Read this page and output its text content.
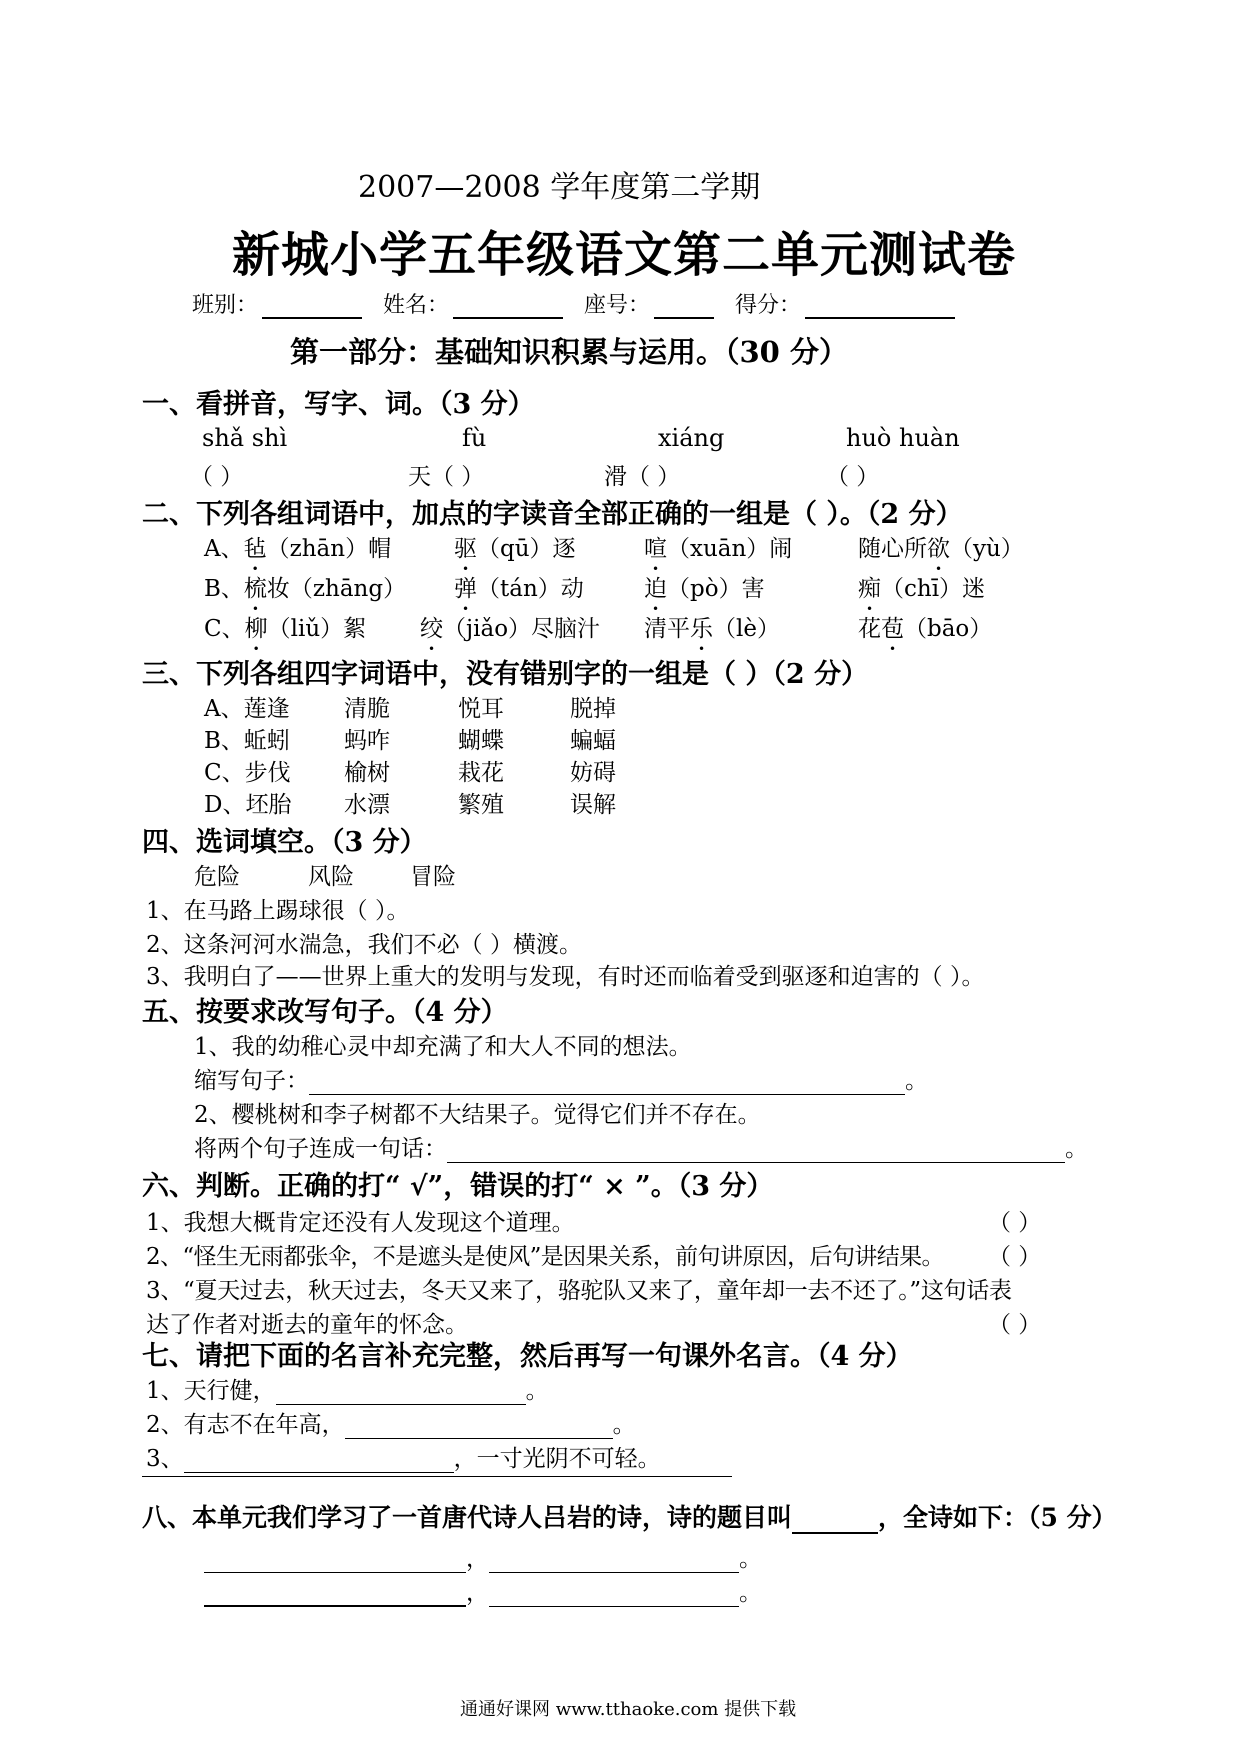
2007—2008 学年度第二学期
新城小学五年级语文第二单元测试卷
班别：	姓名：	座号：	得分：
第一部分：基础知识积累与运用。（30 分）
一、看拼音，写字、词。（3 分）
shǎ shì	fù	xiáng	huò huàn
（ ）	天（ ）	滑（ ）	（ ）
二、下列各组词语中，加点的字读音全部正确的一组是（ ）。（2 分）
A、毡（zhān）帽	驱（qū）逐	喧（xuān）闹	随心所欲（yù）
B、梳妆（zhāng） 弹（tán）动	迫（pò）害	痴（chī）迷
C、柳（liǔ）絮 绞（jiǎo）尽脑汁 清平乐（lè）	花苞（bāo）
三、下列各组四字词语中，没有错别字的一组是（ ）（2 分）
A、莲逢 清脆	悦耳	脱掉
B、蚯蚓 蚂咋	蝴蝶	蝙蝠
C、步伐 榆树	栽花	妨碍
D、坯胎 水漂	繁殖	误解
四、选词填空。（3 分）
危险	风险 冒险
1、在马路上踢球很（ ）。
2、这条河河水湍急，我们不必（ ）横渡。
3、我明白了——世界上重大的发明与发现，有时还而临着受到驱逐和迫害的（ ）。
五、按要求改写句子。（4 分）
1、我的幼稚心灵中却充满了和大人不同的想法。
缩写句子：	。
2、樱桃树和李子树都不大结果子。觉得它们并不存在。
将两个句子连成一句话：	。
六、判断。正确的打“ √”，错误的打“ × ”。（3 分）
1、我想大概肯定还没有人发现这个道理。	（ ）
2、“怪生无雨都张伞，不是遮头是使风”是因果关系，前句讲原因，后句讲结果。 （ ）
3、“夏天过去，秋天过去，冬天又来了，骆驼队又来了，童年却一去不还了。”这句话表
达了作者对逝去的童年的怀念。	（ ）
七、请把下面的名言补充完整，然后再写一句课外名言。（4 分）
1、天行健，	。
2、有志不在年高，	。
3、	，一寸光阴不可轻。
八、本单元我们学习了一首唐代诗人吕岩的诗，诗的题目叫	，全诗如下：（5 分）
，	。
，	。
通通好课网 www.tthaoke.com 提供下载
